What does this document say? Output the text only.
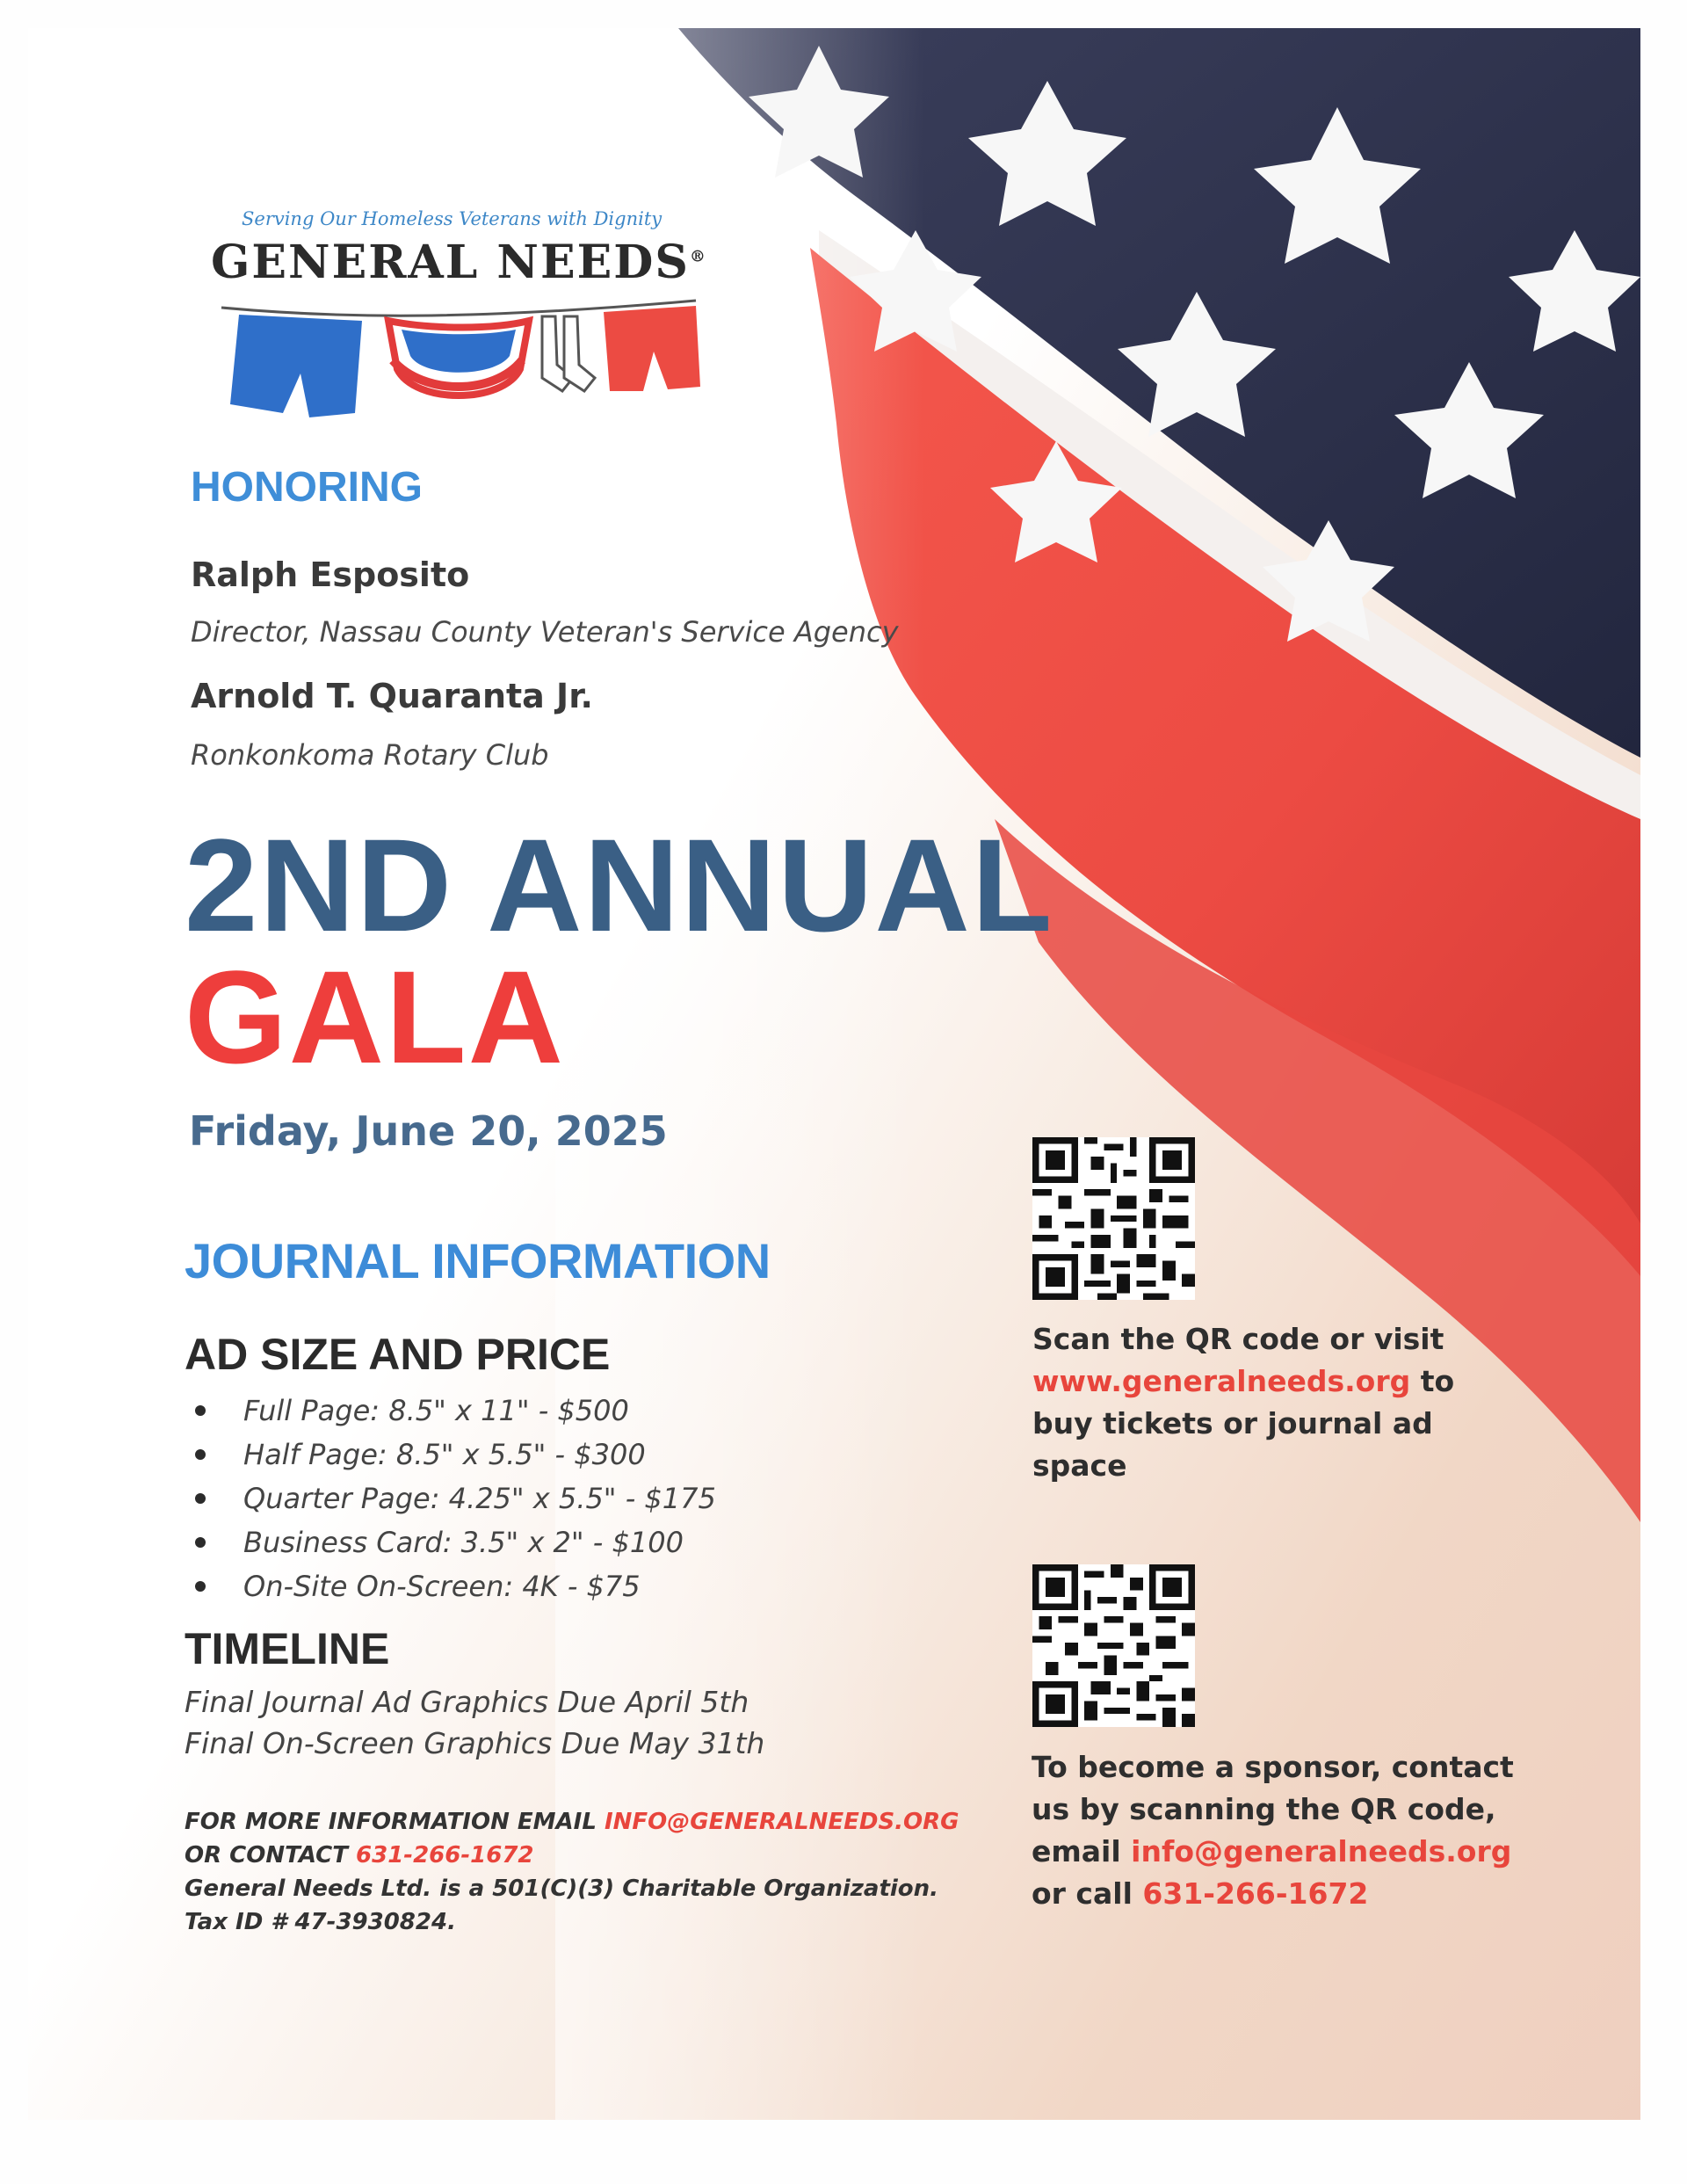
Serving Our Homeless Veterans with Dignity
GENERAL NEEDS®
HONORING
Ralph Esposito
Director, Nassau County Veteran's Service Agency
Arnold T. Quaranta Jr.
Ronkonkoma Rotary Club
2ND ANNUAL
GALA
Friday, June 20, 2025
JOURNAL INFORMATION
AD SIZE AND PRICE
Full Page: 8.5" x 11" - $500
Half Page: 8.5" x 5.5" - $300
Quarter Page: 4.25" x 5.5" - $175
Business Card: 3.5" x 2" - $100
On-Site On-Screen: 4K - $75
TIMELINE
Final Journal Ad Graphics Due April 5th
Final On-Screen Graphics Due May 31th
FOR MORE INFORMATION EMAIL INFO@GENERALNEEDS.ORG
OR CONTACT 631-266-1672
General Needs Ltd. is a 501(C)(3) Charitable Organization.
Tax ID # 47-3930824.
Scan the QR code or visit www.generalneeds.org to buy tickets or journal ad space
To become a sponsor, contact us by scanning the QR code, email info@generalneeds.org or call 631-266-1672
